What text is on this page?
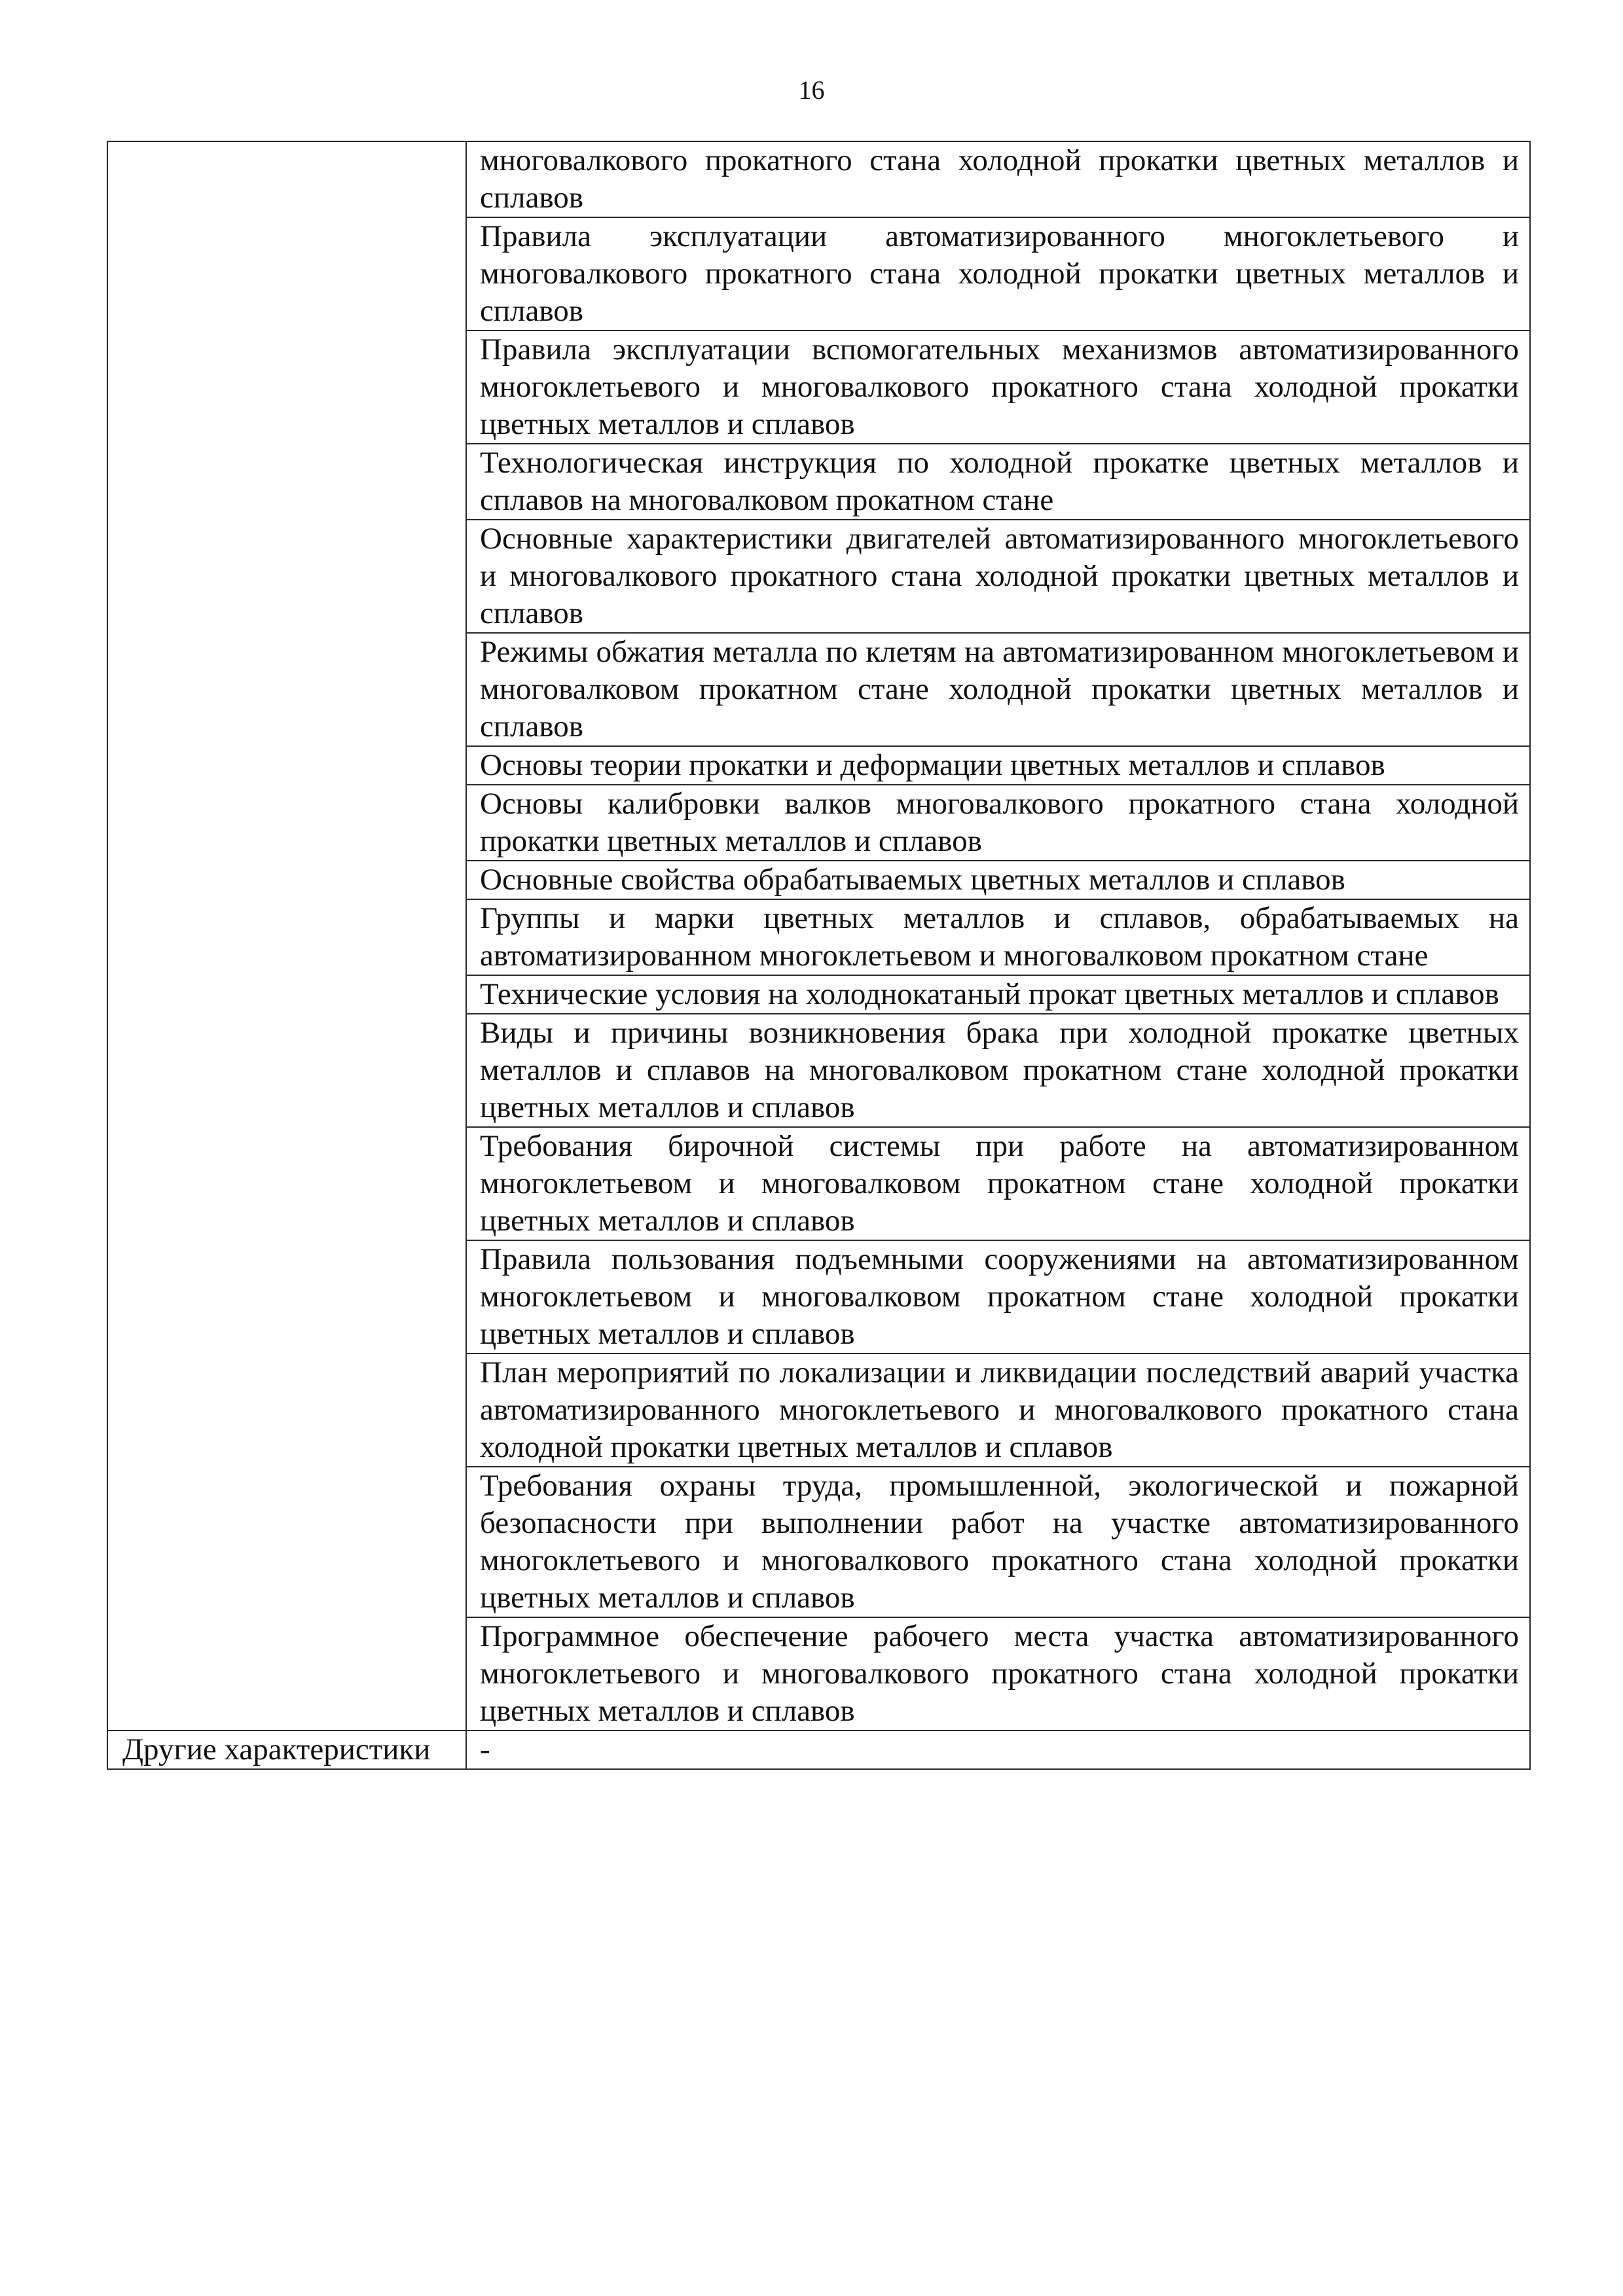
16

	многовалкового прокатного стана холодной прокатки цветных металлов и сплавов

	Правила эксплуатации автоматизированного многоклетьевого и многовалкового прокатного стана холодной прокатки цветных металлов и сплавов

	Правила эксплуатации вспомогательных механизмов автоматизированного многоклетьевого и многовалкового прокатного стана холодной прокатки цветных металлов и сплавов

	Технологическая инструкция по холодной прокатке цветных металлов и сплавов на многовалковом прокатном стане

	Основные характеристики двигателей автоматизированного многоклетьевого и многовалкового прокатного стана холодной прокатки цветных металлов и сплавов

	Режимы обжатия металла по клетям на автоматизированном многоклетьевом и многовалковом прокатном стане холодной прокатки цветных металлов и сплавов

	Основы теории прокатки и деформации цветных металлов и сплавов

	Основы калибровки валков многовалкового прокатного стана холодной прокатки цветных металлов и сплавов

	Основные свойства обрабатываемых цветных металлов и сплавов

	Группы и марки цветных металлов и сплавов, обрабатываемых на автоматизированном многоклетьевом и многовалковом прокатном стане

	Технические условия на холоднокатаный прокат цветных металлов и сплавов

	Виды и причины возникновения брака при холодной прокатке цветных металлов и сплавов на многовалковом прокатном стане холодной прокатки цветных металлов и сплавов

	Требования бирочной системы при работе на автоматизированном многоклетьевом и многовалковом прокатном стане холодной прокатки цветных металлов и сплавов

	Правила пользования подъемными сооружениями на автоматизированном многоклетьевом и многовалковом прокатном стане холодной прокатки цветных металлов и сплавов

	План мероприятий по локализации и ликвидации последствий аварий участка автоматизированного многоклетьевого и многовалкового прокатного стана холодной прокатки цветных металлов и сплавов

	Требования охраны труда, промышленной, экологической и пожарной безопасности при выполнении работ на участке автоматизированного многоклетьевого и многовалкового прокатного стана холодной прокатки цветных металлов и сплавов

	Программное обеспечение рабочего места участка автоматизированного многоклетьевого и многовалкового прокатного стана холодной прокатки цветных металлов и сплавов

Другие характеристики	-
